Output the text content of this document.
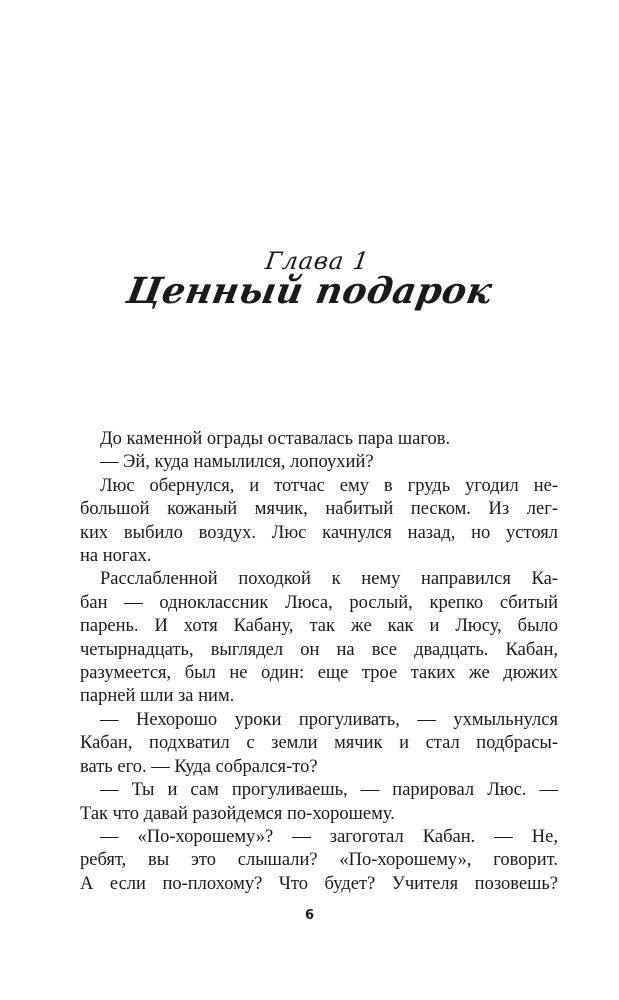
Глава 1
Ценный подарок

До каменной ограды оставалась пара шагов.

— Эй, куда намылился, лопоухий?

Люс обернулся, и тотчас ему в грудь угодил не-
большой кожаный мячик, набитый песком. Из лег-
ких выбило воздух. Люс качнулся назад, но устоял
на ногах.

Расслабленной походкой к нему направился Ка-
бан — одноклассник Люса, рослый, крепко сбитый
парень. И хотя Кабану, так же как и Люсу, было
четырнадцать, выглядел он на все двадцать. Кабан,
разумеется, был не один: еще трое таких же дюжих
парней шли за ним.

— Нехорошо уроки прогуливать, — ухмыльнулся
Кабан, подхватил с земли мячик и стал подбрасы-
вать его. — Куда собрался-то?

— Ты и сам прогуливаешь, — парировал Люс. —
Так что давай разойдемся по-хорошему.

— «По-хорошему»? — загоготал Кабан. — Не,
ребят, вы это слышали? «По-хорошему», говорит.
А если по-плохому? Что будет? Учителя позовешь?

6
